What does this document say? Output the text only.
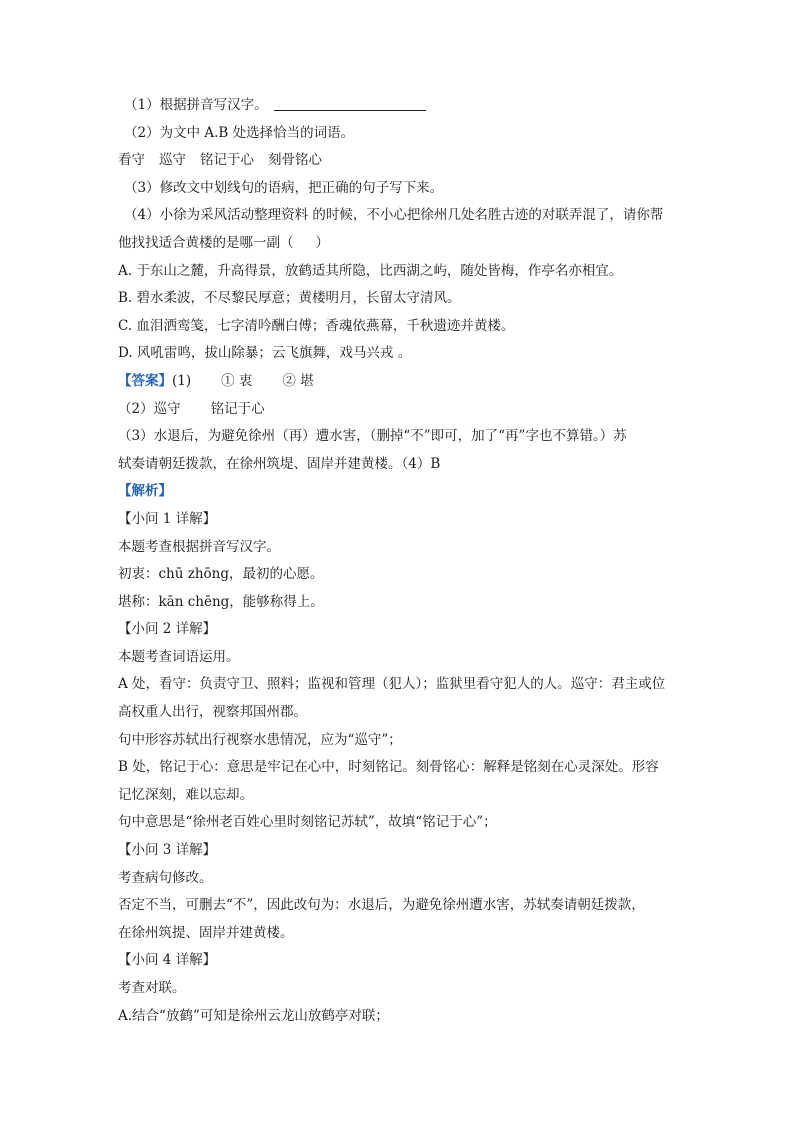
（1）根据拼音写汉字。
（2）为文中 A.B 处选择恰当的词语。
看守 巡守 铭记于心 刻骨铭心
（3）修改文中划线句的语病，把正确的句子写下来。
（4）小徐为采风活动整理资料 的时候，不小心把徐州几处名胜古迹的对联弄混了，请你帮
他找找适合黄楼的是哪一副（ ）
A. 于东山之麓，升高得景，放鹤适其所隐，比西湖之屿，随处皆梅，作亭名亦相宜。
B. 碧水柔波，不尽黎民厚意；黄楼明月，长留太守清风。
C. 血泪洒鸾笺，七字清吟酬白傅；香魂依燕幕，千秋遗迹并黄楼。
D. 风吼雷鸣，拔山除暴；云飞旗舞，戏马兴戎 。
【答案】(1) ① 衷 ② 堪
（2）巡守 铭记于心
（3）水退后，为避免徐州（再）遭水害，（删掉“不”即可，加了“再”字也不算错。）苏
轼奏请朝廷拨款，在徐州筑堤、固岸并建黄楼。（4）B
【解析】
【小问 1 详解】
本题考查根据拼音写汉字。
初衷：chū zhōng，最初的心愿。
堪称：kān chēng，能够称得上。
【小问 2 详解】
本题考查词语运用。
A 处，看守：负责守卫、照料；监视和管理（犯人）；监狱里看守犯人的人。巡守：君主或位
高权重人出行，视察邦国州郡。
句中形容苏轼出行视察水患情况，应为“巡守”；
B 处，铭记于心：意思是牢记在心中，时刻铭记。刻骨铭心：解释是铭刻在心灵深处。形容
记忆深刻，难以忘却。
句中意思是“徐州老百姓心里时刻铭记苏轼”，故填“铭记于心”；
【小问 3 详解】
考查病句修改。
否定不当，可删去“不”，因此改句为：水退后，为避免徐州遭水害，苏轼奏请朝廷拨款，
在徐州筑提、固岸并建黄楼。
【小问 4 详解】
考查对联。
A.结合“放鹤”可知是徐州云龙山放鹤亭对联；
